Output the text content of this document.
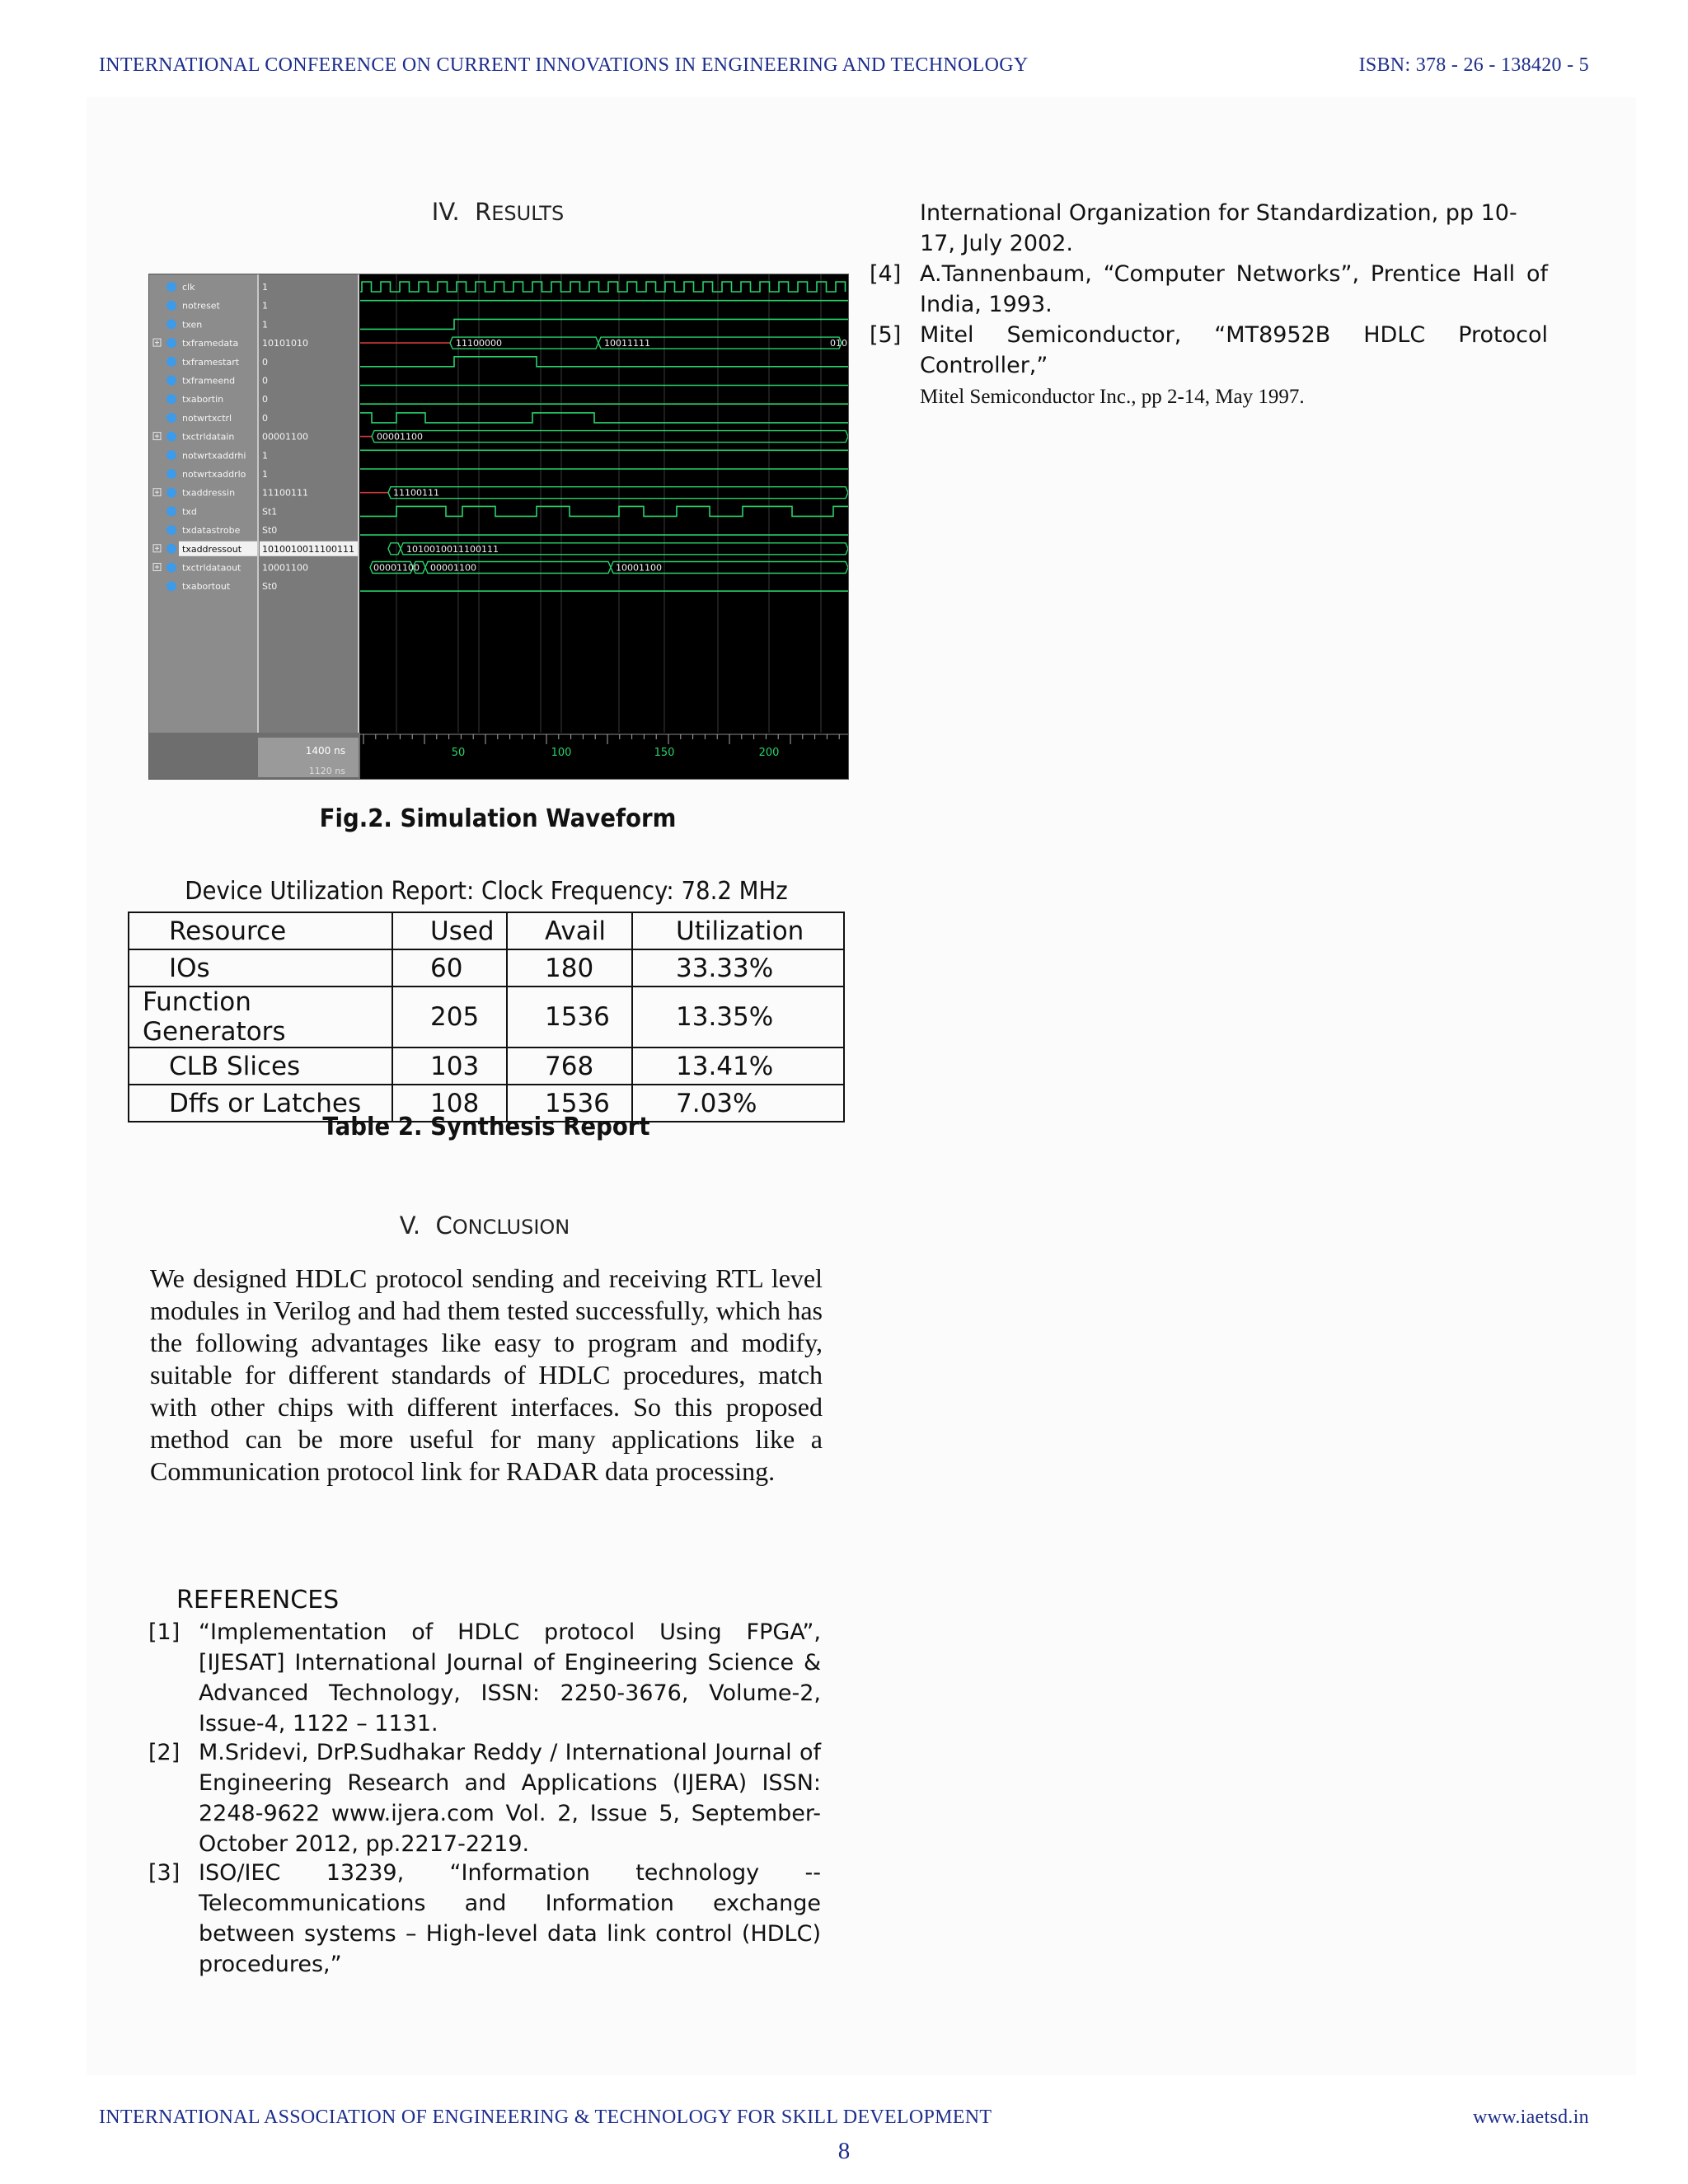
INTERNATIONAL CONFERENCE ON CURRENT INNOVATIONS IN ENGINEERING AND TECHNOLOGY	ISBN: 378 - 26 - 138420 - 5
IV. RESULTS
clk	1
notreset	1
txen	1
txframedata	10101010
txframestart	0
txframeend	0
txabortin	0
notwrtxctrl	0
txctrldatain	00001100
notwrtxaddrhi 1
notwrtxaddrlo 1
txaddressin	11100111
txd	St1
txdatastrobe St0
txaddressout 1010010011100111
txctrldataout 10001100
txabortout	St0
11100000	10011111	010
00001100
11100111
1010010011100111
00001100 00001100	10001100
1400 ns
1120 ns
50	100	150	200
Fig.2. Simulation Waveform
Device Utilization Report: Clock Frequency: 78.2 MHz
Resource	Used	Avail	Utilization
IOs	60	180	33.33%
Function Generators	205	1536	13.35%
CLB Slices	103	768	13.41%
Dffs or Latches	108	1536	7.03%
Table 2. Synthesis Report
V. CONCLUSION
We designed HDLC protocol sending and receiving RTL level modules in Verilog and had them tested successfully, which has the following advantages like easy to program and modify, suitable for different standards of HDLC procedures, match with other chips with different interfaces. So this proposed method can be more useful for many applications like a Communication protocol link for RADAR data processing.
REFERENCES
[1] “Implementation of HDLC protocol Using FPGA”, [IJESAT] International Journal of Engineering Science & Advanced Technology, ISSN: 2250-3676, Volume-2, Issue-4, 1122 – 1131.
[2] M.Sridevi, DrP.Sudhakar Reddy / International Journal of Engineering Research and Applications (IJERA) ISSN: 2248-9622 www.ijera.com Vol. 2, Issue 5, September- October 2012, pp.2217-2219.
[3] ISO/IEC 13239, “Information technology -- Telecommunications and Information exchange between systems – High-level data link control (HDLC) procedures,”
International Organization for Standardization, pp 10-17, July 2002.
[4] A.Tannenbaum, “Computer Networks”, Prentice Hall of India, 1993.
[5] Mitel Semiconductor, “MT8952B HDLC Protocol Controller,”
Mitel Semiconductor Inc., pp 2-14, May 1997.
INTERNATIONAL ASSOCIATION OF ENGINEERING & TECHNOLOGY FOR SKILL DEVELOPMENT	www.iaetsd.in
8
